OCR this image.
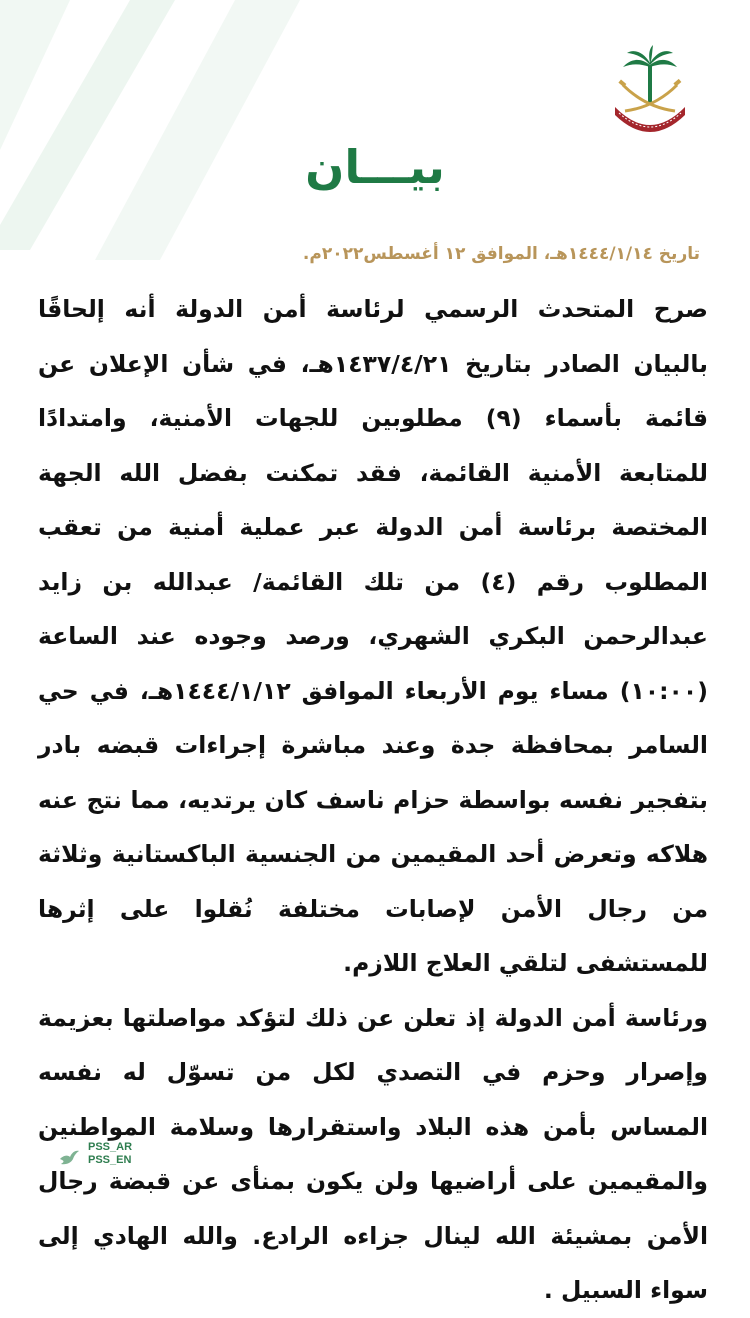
بيـــان
تاريخ ١٤٤٤/١/١٤هـ، الموافق ١٢ أغسطس٢٠٢٢م.

صرح المتحدث الرسمي لرئاسة أمن الدولة أنه إلحاقًا بالبيان الصادر بتاريخ ١٤٣٧/٤/٢١هـ، في شأن الإعلان عن قائمة بأسماء (٩) مطلوبين للجهات الأمنية، وامتدادًا للمتابعة الأمنية القائمة، فقد تمكنت بفضل الله الجهة المختصة برئاسة أمن الدولة عبر عملية أمنية من تعقب المطلوب رقم (٤) من تلك القائمة/ عبدالله بن زايد عبدالرحمن البكري الشهري، ورصد وجوده عند الساعة (١٠:٠٠) مساء يوم الأربعاء الموافق ١٤٤٤/١/١٢هـ، في حي السامر بمحافظة جدة وعند مباشرة إجراءات قبضه بادر بتفجير نفسه بواسطة حزام ناسف كان يرتديه، مما نتج عنه هلاكه وتعرض أحد المقيمين من الجنسية الباكستانية وثلاثة من رجال الأمن لإصابات مختلفة نُقلوا على إثرها للمستشفى لتلقي العلاج اللازم.

ورئاسة أمن الدولة إذ تعلن عن ذلك لتؤكد مواصلتها بعزيمة وإصرار وحزم في التصدي لكل من تسوّل له نفسه المساس بأمن هذه البلاد واستقرارها وسلامة المواطنين والمقيمين على أراضيها ولن يكون بمنأى عن قبضة رجال الأمن بمشيئة الله لينال جزاءه الرادع. والله الهادي إلى سواء السبيل .

PSS_AR
PSS_EN
